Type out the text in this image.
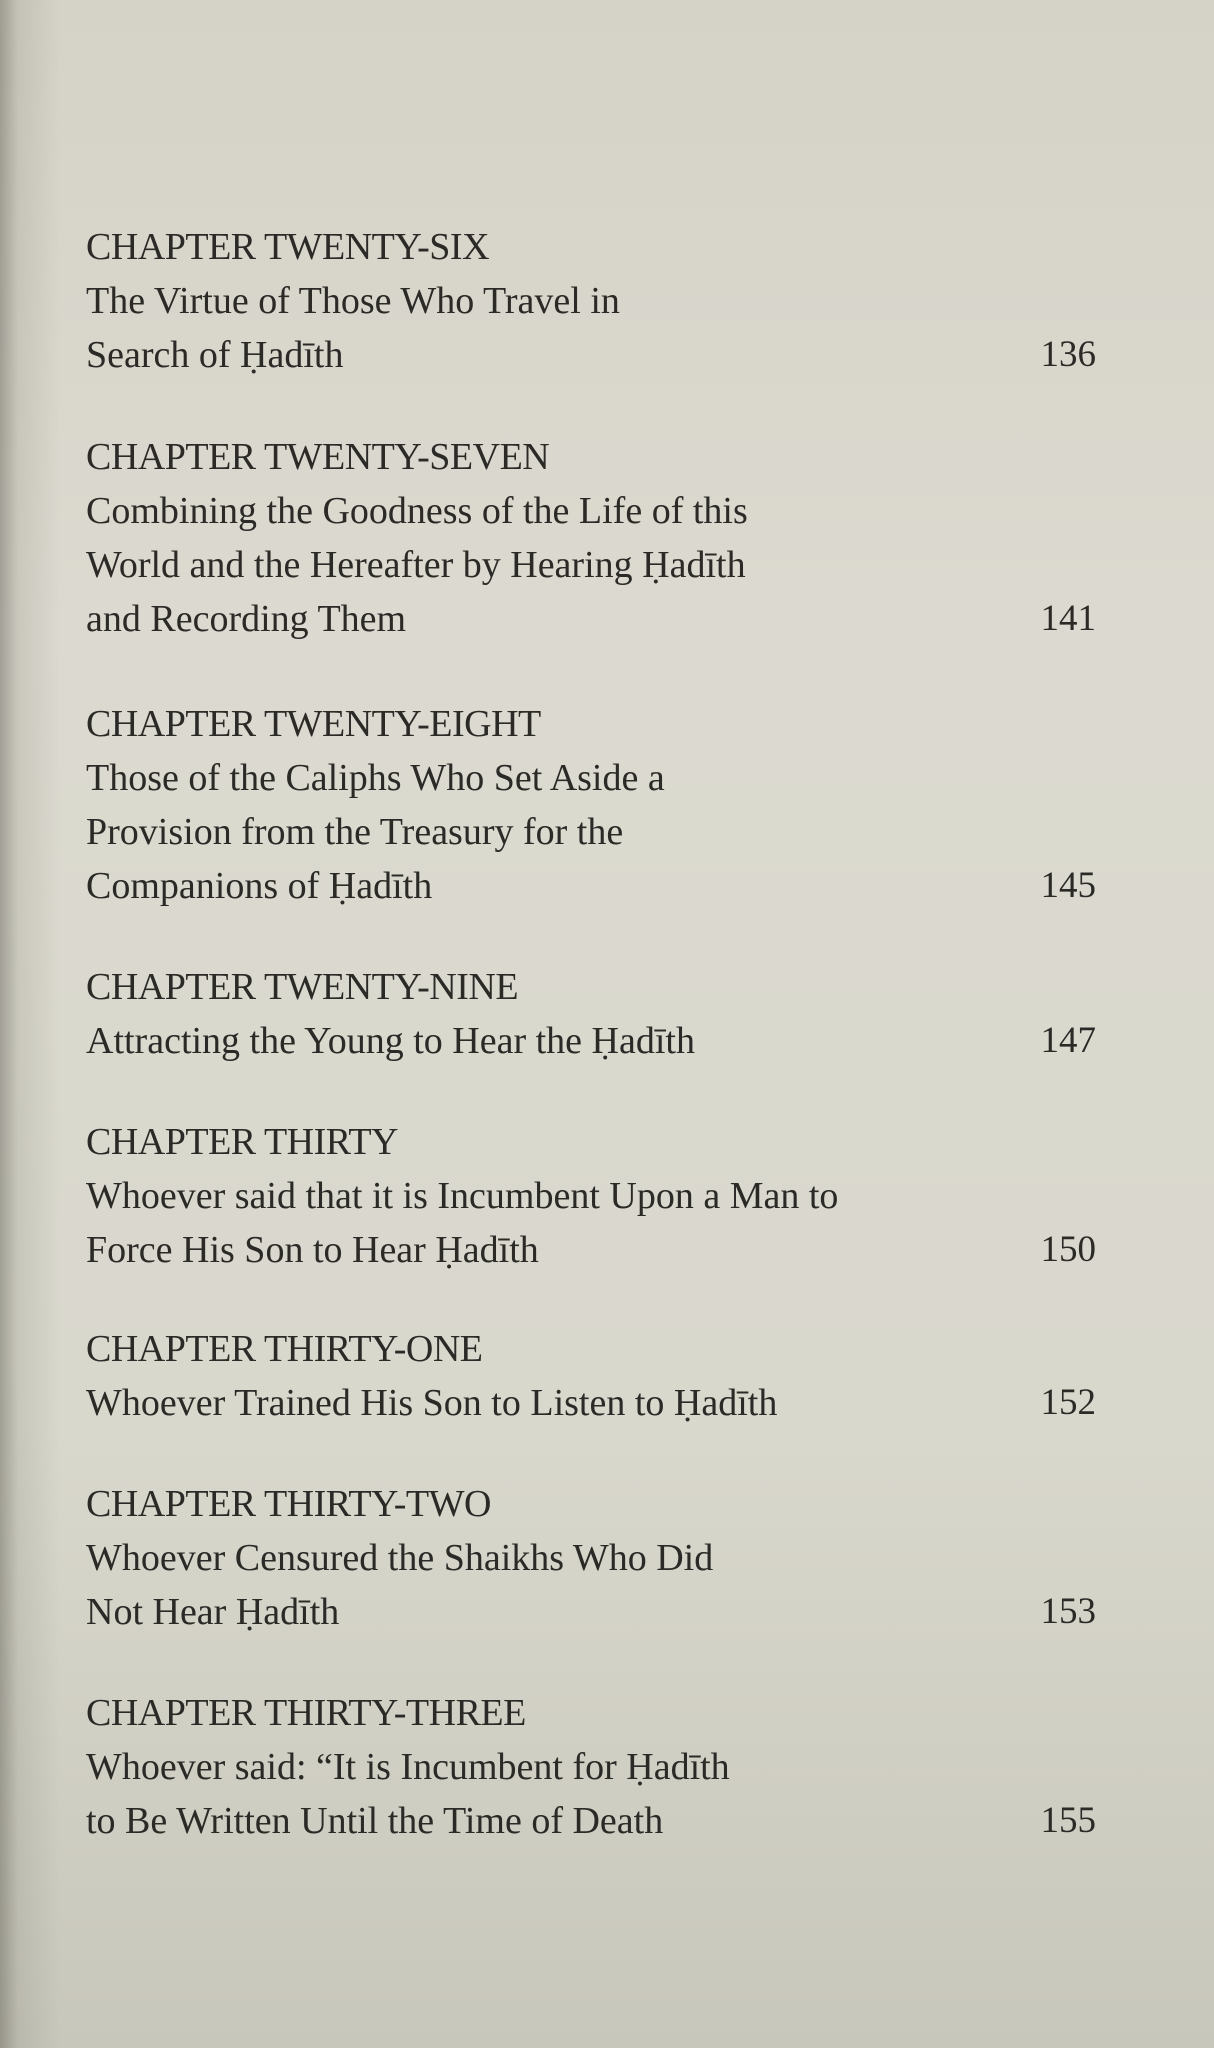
CHAPTER TWENTY-SIX
The Virtue of Those Who Travel in
Search of Ḥadīth	136
CHAPTER TWENTY-SEVEN
Combining the Goodness of the Life of this
World and the Hereafter by Hearing Ḥadīth
and Recording Them	141
CHAPTER TWENTY-EIGHT
Those of the Caliphs Who Set Aside a
Provision from the Treasury for the
Companions of Ḥadīth	145
CHAPTER TWENTY-NINE
Attracting the Young to Hear the Ḥadīth	147
CHAPTER THIRTY
Whoever said that it is Incumbent Upon a Man to
Force His Son to Hear Ḥadīth	150
CHAPTER THIRTY-ONE
Whoever Trained His Son to Listen to Ḥadīth	152
CHAPTER THIRTY-TWO
Whoever Censured the Shaikhs Who Did
Not Hear Ḥadīth	153
CHAPTER THIRTY-THREE
Whoever said: “It is Incumbent for Ḥadīth
to Be Written Until the Time of Death	155
